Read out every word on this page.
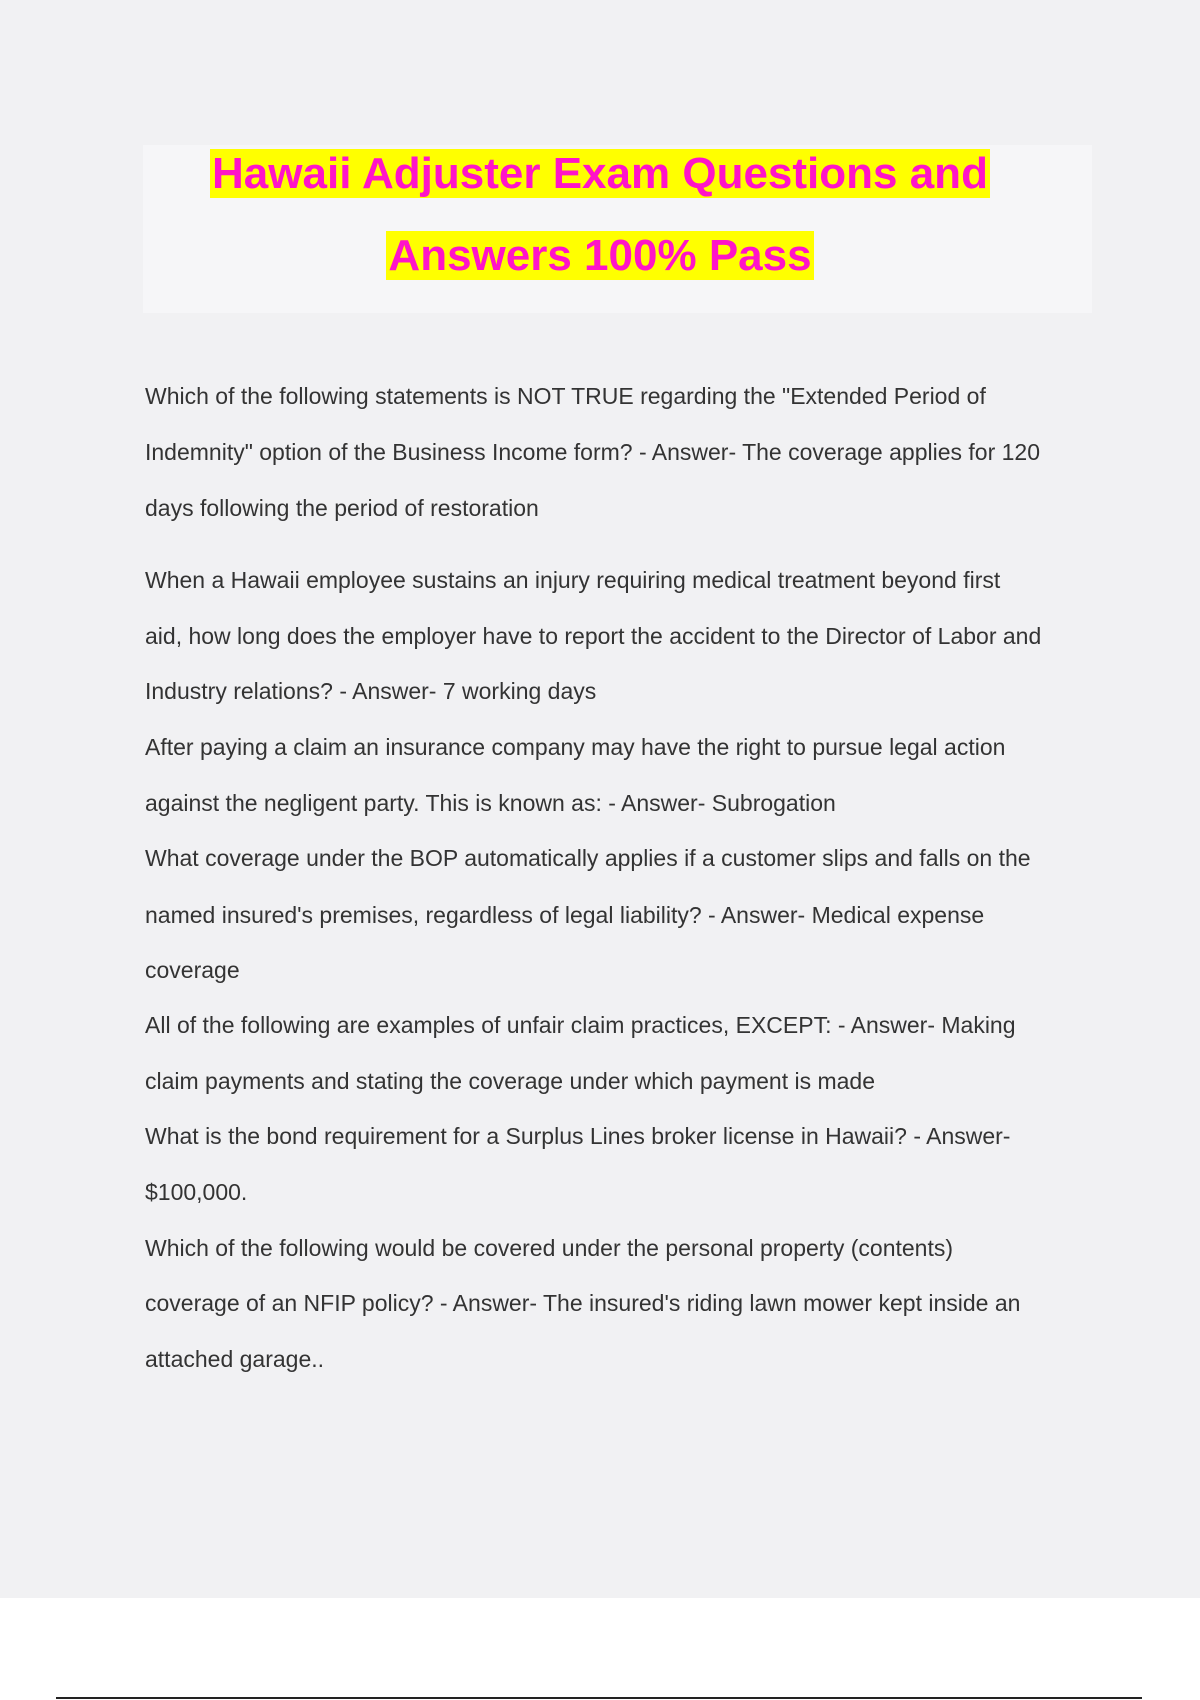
Hawaii Adjuster Exam Questions and
Answers 100% Pass
Which of the following statements is NOT TRUE regarding the "Extended Period of
Indemnity" option of the Business Income form? - Answer- The coverage applies for 120
days following the period of restoration
When a Hawaii employee sustains an injury requiring medical treatment beyond first
aid, how long does the employer have to report the accident to the Director of Labor and
Industry relations? - Answer- 7 working days
After paying a claim an insurance company may have the right to pursue legal action
against the negligent party. This is known as: - Answer- Subrogation
What coverage under the BOP automatically applies if a customer slips and falls on the
named insured's premises, regardless of legal liability? - Answer- Medical expense
coverage
All of the following are examples of unfair claim practices, EXCEPT: - Answer- Making
claim payments and stating the coverage under which payment is made
What is the bond requirement for a Surplus Lines broker license in Hawaii? - Answer-
$100,000.
Which of the following would be covered under the personal property (contents)
coverage of an NFIP policy? - Answer- The insured's riding lawn mower kept inside an
attached garage..
